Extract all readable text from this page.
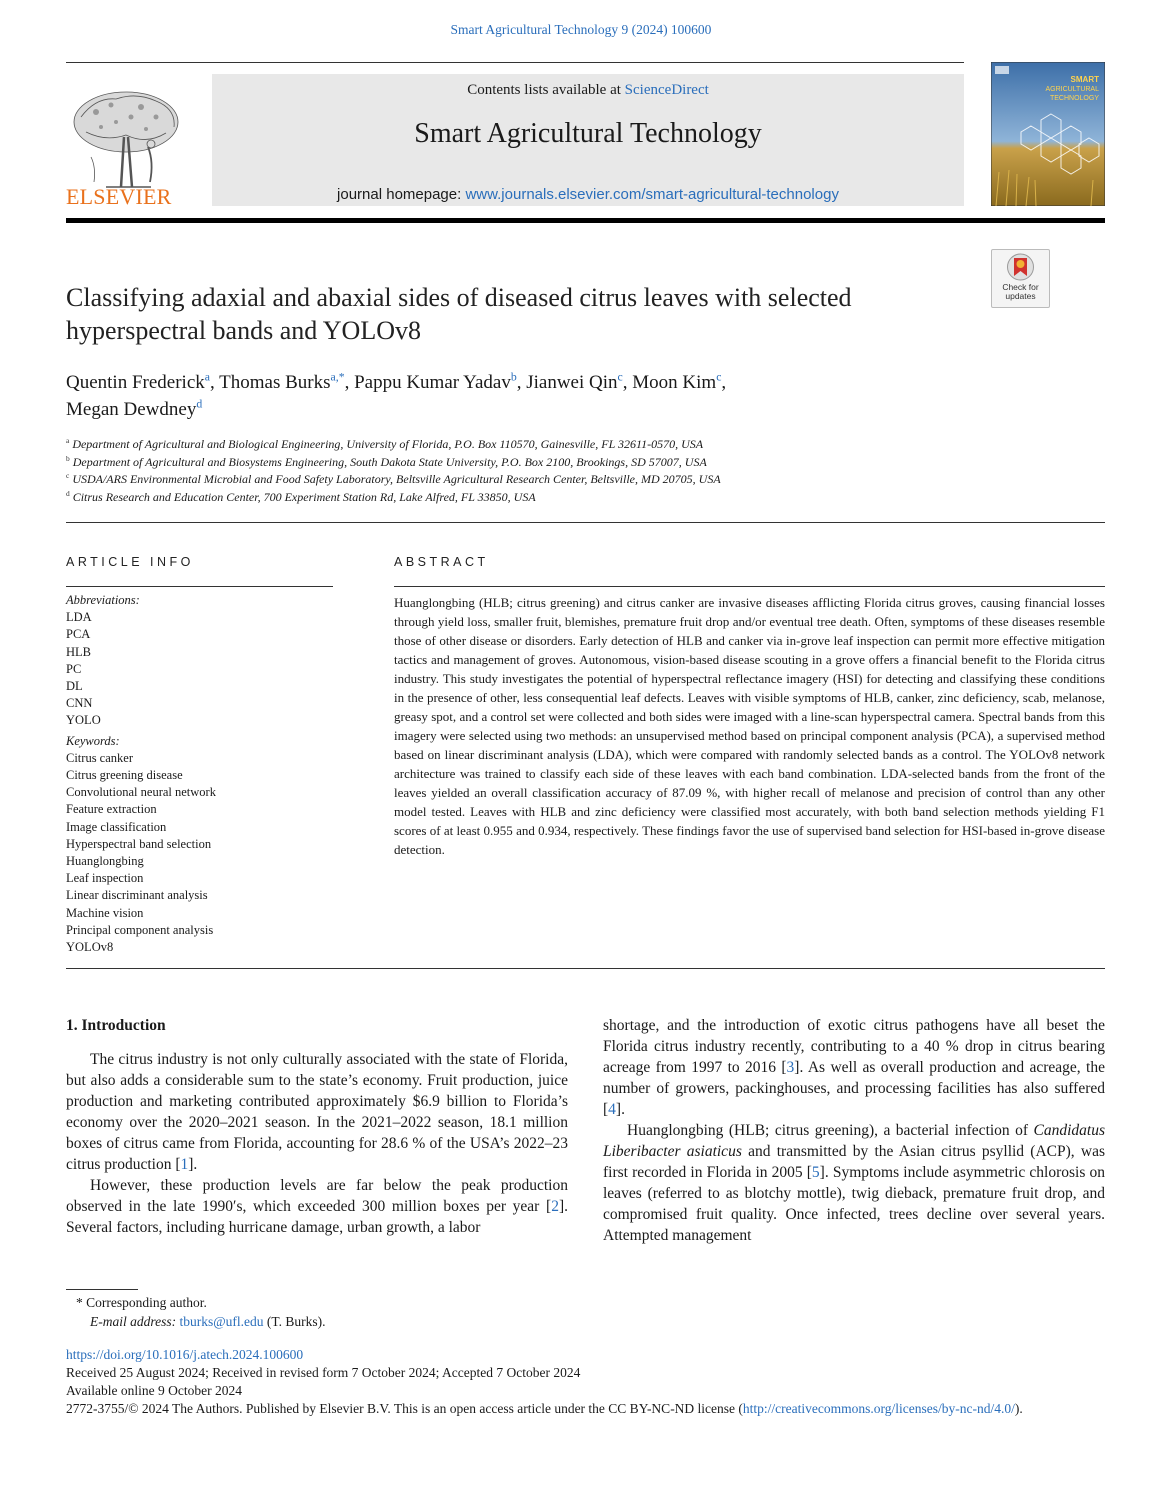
Smart Agricultural Technology 9 (2024) 100600
ELSEVIER
Contents lists available at ScienceDirect
Smart Agricultural Technology
journal homepage: www.journals.elsevier.com/smart-agricultural-technology
SMART
AGRICULTURAL
TECHNOLOGY
Check for updates
Classifying adaxial and abaxial sides of diseased citrus leaves with selected hyperspectral bands and YOLOv8
Quentin Frederick$^a$, Thomas Burks$^{a,*}$, Pappu Kumar Yadav$^b$, Jianwei Qin$^c$, Moon Kim$^c$,
Megan Dewdney$^d$
$^a$ Department of Agricultural and Biological Engineering, University of Florida, P.O. Box 110570, Gainesville, FL 32611-0570, USA
$^b$ Department of Agricultural and Biosystems Engineering, South Dakota State University, P.O. Box 2100, Brookings, SD 57007, USA
$^c$ USDA/ARS Environmental Microbial and Food Safety Laboratory, Beltsville Agricultural Research Center, Beltsville, MD 20705, USA
$^d$ Citrus Research and Education Center, 700 Experiment Station Rd, Lake Alfred, FL 33850, USA
ARTICLE INFO	ABSTRACT
Abbreviations:
LDA
PCA
HLB
PC
DL
CNN
YOLO
Keywords:
Citrus canker
Citrus greening disease
Convolutional neural network
Feature extraction
Image classification
Hyperspectral band selection
Huanglongbing
Leaf inspection
Linear discriminant analysis
Machine vision
Principal component analysis
YOLOv8
Huanglongbing (HLB; citrus greening) and citrus canker are invasive diseases afflicting Florida citrus groves, causing financial losses through yield loss, smaller fruit, blemishes, premature fruit drop and/or eventual tree death. Often, symptoms of these diseases resemble those of other disease or disorders. Early detection of HLB and canker via in-grove leaf inspection can permit more effective mitigation tactics and management of groves. Autonomous, vision-based disease scouting in a grove offers a financial benefit to the Florida citrus industry. This study investigates the potential of hyperspectral reflectance imagery (HSI) for detecting and classifying these conditions in the presence of other, less consequential leaf defects. Leaves with visible symptoms of HLB, canker, zinc deficiency, scab, melanose, greasy spot, and a control set were collected and both sides were imaged with a line-scan hyperspectral camera. Spectral bands from this imagery were selected using two methods: an unsupervised method based on principal component analysis (PCA), a supervised method based on linear discriminant analysis (LDA), which were compared with randomly selected bands as a control. The YOLOv8 network architecture was trained to classify each side of these leaves with each band combination. LDA-selected bands from the front of the leaves yielded an overall classification accuracy of 87.09 %, with higher recall of melanose and precision of control than any other model tested. Leaves with HLB and zinc deficiency were classified most accurately, with both band selection methods yielding F1 scores of at least 0.955 and 0.934, respectively. These findings favor the use of supervised band selection for HSI-based in-grove disease detection.
1. Introduction

The citrus industry is not only culturally associated with the state of Florida, but also adds a considerable sum to the state’s economy. Fruit production, juice production and marketing contributed approximately $6.9 billion to Florida’s economy over the 2020–2021 season. In the 2021–2022 season, 18.1 million boxes of citrus came from Florida, accounting for 28.6 % of the USA’s 2022–23 citrus production [1].

However, these production levels are far below the peak production observed in the late 1990′s, which exceeded 300 million boxes per year [2]. Several factors, including hurricane damage, urban growth, a labor

shortage, and the introduction of exotic citrus pathogens have all beset the Florida citrus industry recently, contributing to a 40 % drop in citrus bearing acreage from 1997 to 2016 [3]. As well as overall production and acreage, the number of growers, packinghouses, and processing facilities has also suffered [4].

Huanglongbing (HLB; citrus greening), a bacterial infection of Candidatus Liberibacter asiaticus and transmitted by the Asian citrus psyllid (ACP), was first recorded in Florida in 2005 [5]. Symptoms include asymmetric chlorosis on leaves (referred to as blotchy mottle), twig dieback, premature fruit drop, and compromised fruit quality. Once infected, trees decline over several years. Attempted management

* Corresponding author.
E-mail address: tburks@ufl.edu (T. Burks).
https://doi.org/10.1016/j.atech.2024.100600
Received 25 August 2024; Received in revised form 7 October 2024; Accepted 7 October 2024
Available online 9 October 2024
2772-3755/© 2024 The Authors. Published by Elsevier B.V. This is an open access article under the CC BY-NC-ND license (http://creativecommons.org/licenses/by-nc-nd/4.0/).
